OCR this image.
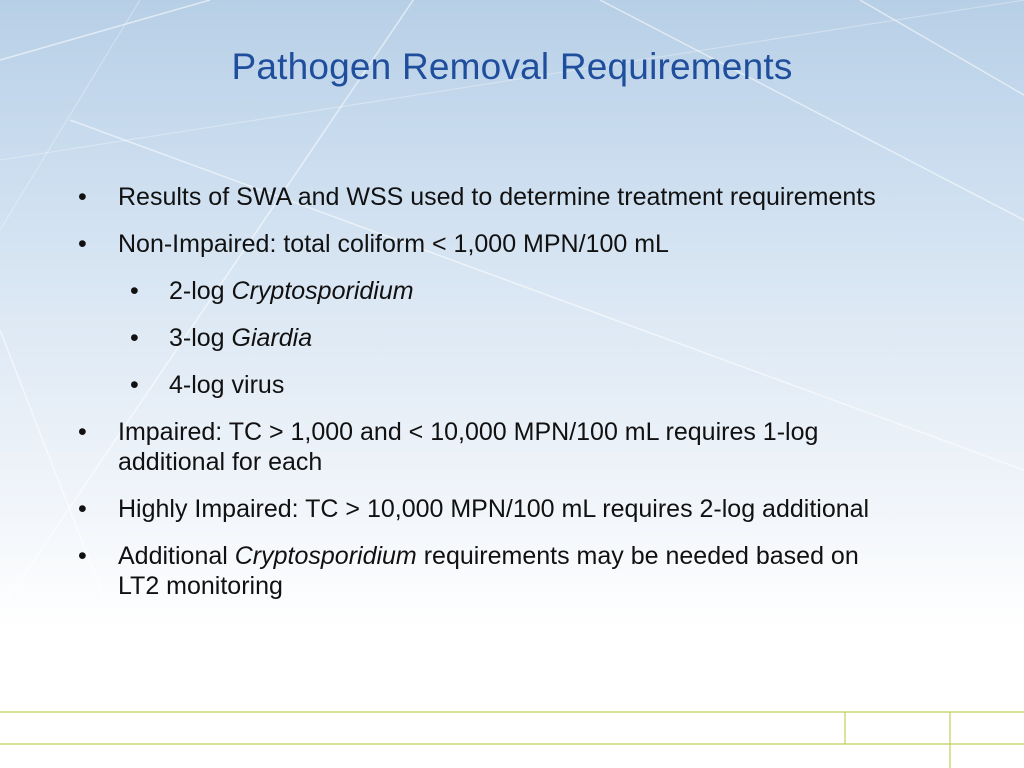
Pathogen Removal Requirements
• Results of SWA and WSS used to determine treatment requirements
• Non-Impaired: total coliform < 1,000 MPN/100 mL
• 2-log Cryptosporidium
• 3-log Giardia
• 4-log virus
• Impaired: TC > 1,000 and < 10,000 MPN/100 mL requires 1-log additional for each
• Highly Impaired: TC > 10,000 MPN/100 mL requires 2-log additional
• Additional Cryptosporidium requirements may be needed based on LT2 monitoring
